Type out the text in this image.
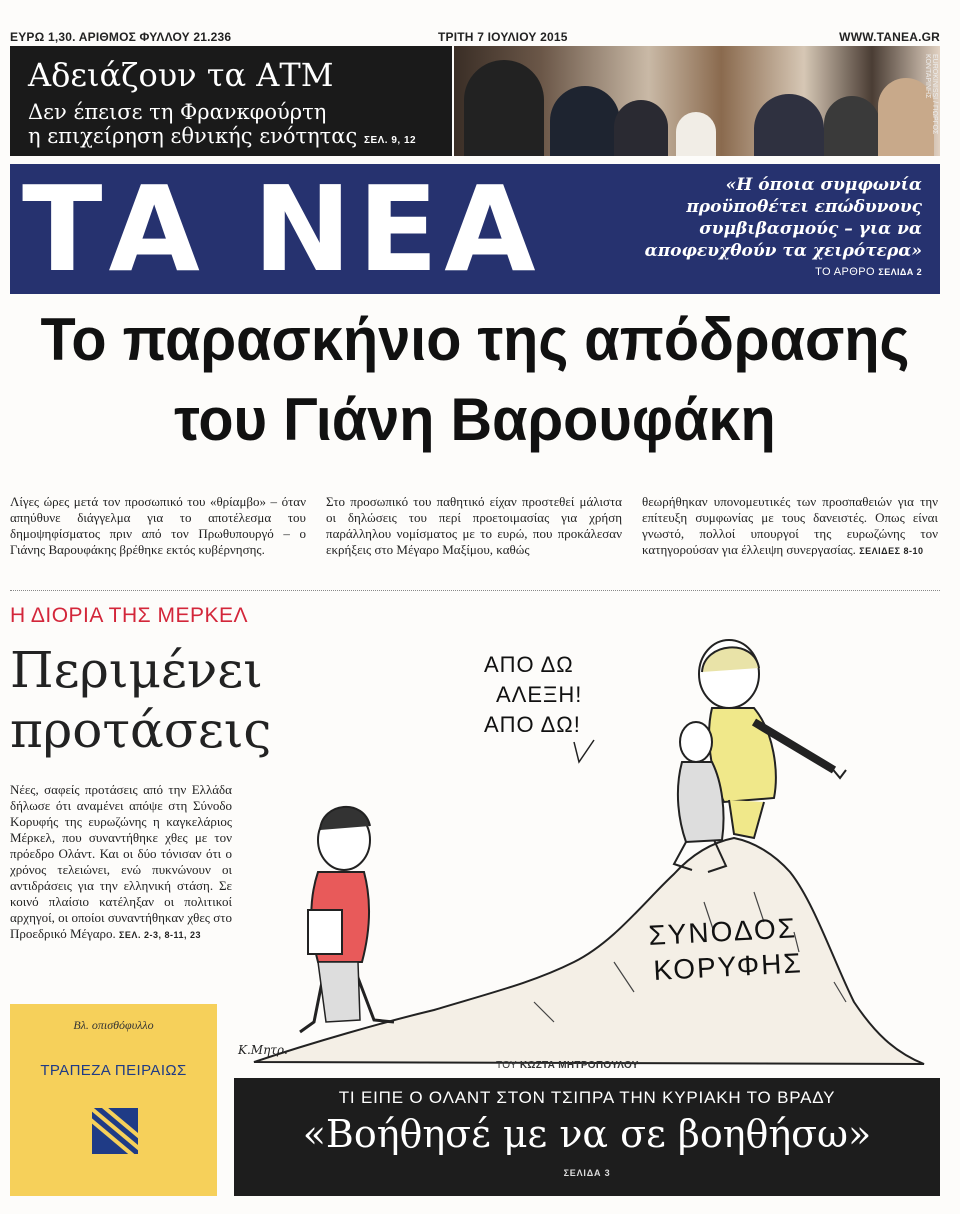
ΕΥΡΩ 1,30. ΑΡΙΘΜΟΣ ΦΥΛΛΟΥ 21.236	ΤΡΙΤΗ 7 ΙΟΥΛΙΟΥ 2015	WWW.TANEA.GR
Αδειάζουν τα ΑΤΜ
Δεν έπεισε τη Φρανκφούρτη
η επιχείρηση εθνικής ενότητας ΣΕΛ. 9, 12
EUROKINISSI / ΓΙΩΡΓΟΣ ΚΟΝΤΑΡΙΝΗΣ
ΤΑ ΝΕΑ	«Η όποια συμφωνία
προϋποθέτει επώδυνους
συμβιβασμούς – για να
αποφευχθούν τα χειρότερα»
ΤΟ ΑΡΘΡΟ ΣΕΛΙΔΑ 2
Το παρασκήνιο της απόδρασης
του Γιάνη Βαρουφάκη
Λίγες ώρες μετά τον προσωπικό του «θρίαμβο» – όταν απηύθυνε διάγγελμα για το αποτέλεσμα του δημοψηφίσματος πριν από τον Πρωθυπουργό – ο Γιάνης Βαρουφάκης βρέθηκε εκτός κυβέρνησης.
Στο προσωπικό του παθητικό είχαν προστεθεί μάλιστα οι δηλώσεις του περί προετοιμασίας για χρήση παράλληλου νομίσματος με το ευρώ, που προκάλεσαν εκρήξεις στο Μέγαρο Μαξίμου, καθώς
θεωρήθηκαν υπονομευτικές των προσπαθειών για την επίτευξη συμφωνίας με τους δανειστές. Οπως είναι γνωστό, πολλοί υπουργοί της ευρωζώνης τον κατηγορούσαν για έλλειψη συνεργασίας. ΣΕΛΙΔΕΣ 8-10
Η ΔΙΟΡΙΑ ΤΗΣ ΜΕΡΚΕΛ
Περιμένει
προτάσεις
Νέες, σαφείς προτάσεις από την Ελλάδα δήλωσε ότι αναμένει απόψε στη Σύνοδο Κορυφής της ευρωζώνης η καγκελάριος Μέρκελ, που συναντήθηκε χθες με τον πρόεδρο Ολάντ. Και οι δύο τόνισαν ότι ο χρόνος τελειώνει, ενώ πυκνώνουν οι αντιδράσεις για την ελληνική στάση. Σε κοινό πλαίσιο κατέληξαν οι πολιτικοί αρχηγοί, οι οποίοι συναντήθηκαν χθες στο Προεδρικό Μέγαρο. ΣΕΛ. 2-3, 8-11, 23
Βλ. οπισθόφυλλο
ΤΡΑΠΕΖΑ ΠΕΙΡΑΙΩΣ
ΣΥΝΟΔΟΣ
ΚΟΡΥΦΗΣ
ΑΠΟ ΔΩ
ΑΛΕΞΗ!
ΑΠΟ ΔΩ!
Κ.Μητρ.
ΤΟΥ ΚΩΣΤΑ ΜΗΤΡΟΠΟΥΛΟΥ
ΤΙ ΕΙΠΕ Ο ΟΛΑΝΤ ΣΤΟΝ ΤΣΙΠΡΑ ΤΗΝ ΚΥΡΙΑΚΗ ΤΟ ΒΡΑΔΥ
«Βοήθησέ με να σε βοηθήσω»
ΣΕΛΙΔΑ 3
